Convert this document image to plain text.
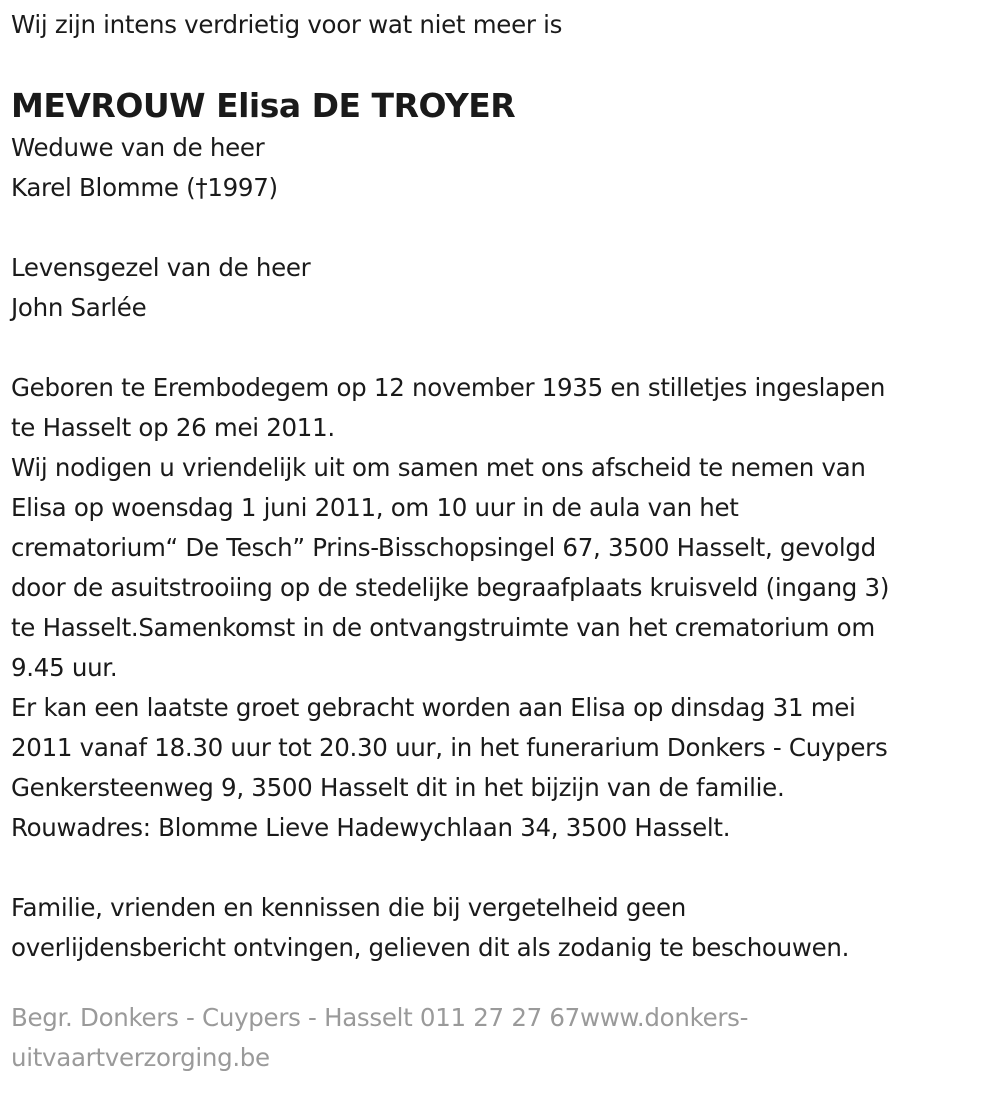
Wij zijn intens verdrietig voor wat niet meer is
MEVROUW Elisa DE TROYER
Weduwe van de heer
Karel Blomme (†1997)
Levensgezel van de heer
John Sarlée
Geboren te Erembodegem op 12 november 1935 en stilletjes ingeslapen
te Hasselt op 26 mei 2011.
Wij nodigen u vriendelijk uit om samen met ons afscheid te nemen van
Elisa op woensdag 1 juni 2011, om 10 uur in de aula van het
crematorium“ De Tesch” Prins-Bisschopsingel 67, 3500 Hasselt, gevolgd
door de asuitstrooiing op de stedelijke begraafplaats kruisveld (ingang 3)
te Hasselt.Samenkomst in de ontvangstruimte van het crematorium om
9.45 uur.
Er kan een laatste groet gebracht worden aan Elisa op dinsdag 31 mei
2011 vanaf 18.30 uur tot 20.30 uur, in het funerarium Donkers - Cuypers
Genkersteenweg 9, 3500 Hasselt dit in het bijzijn van de familie.
Rouwadres: Blomme Lieve Hadewychlaan 34, 3500 Hasselt.
Familie, vrienden en kennissen die bij vergetelheid geen
overlijdensbericht ontvingen, gelieven dit als zodanig te beschouwen.
Begr. Donkers - Cuypers - Hasselt 011 27 27 67www.donkers-
uitvaartverzorging.be
